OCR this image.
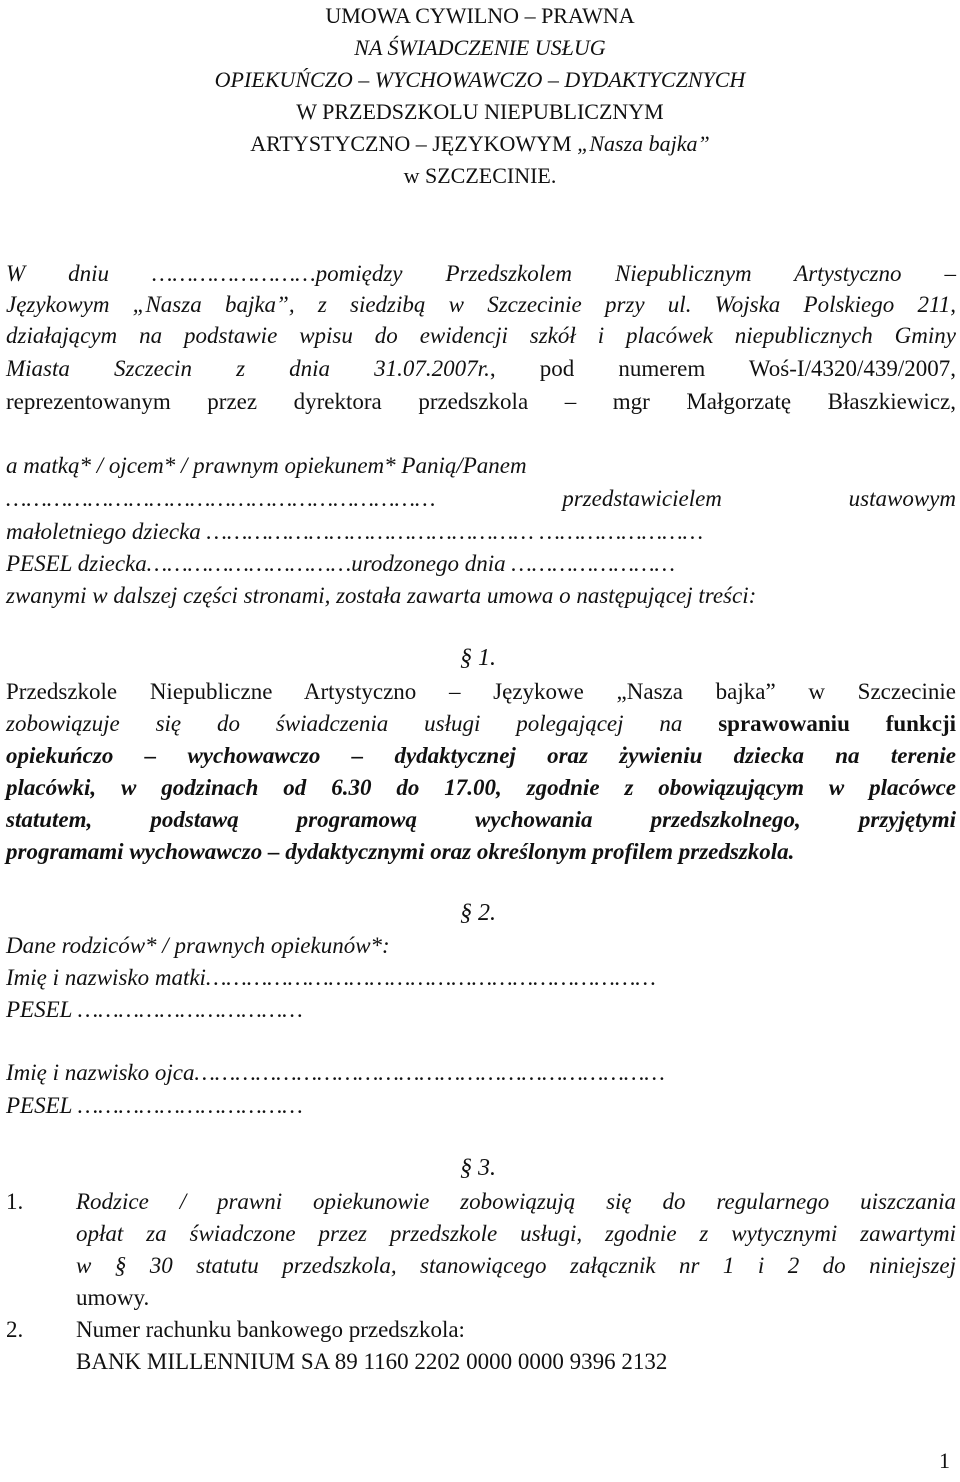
UMOWA CYWILNO – PRAWNA
NA ŚWIADCZENIE USŁUG
OPIEKUŃCZO – WYCHOWAWCZO – DYDAKTYCZNYCH
W PRZEDSZKOLU NIEPUBLICZNYM
ARTYSTYCZNO – JĘZYKOWYM „Nasza bajka”
w SZCZECINIE.
W dniu ……………………pomiędzy Przedszkolem Niepublicznym Artystyczno –
Językowym „Nasza bajka”, z siedzibą w Szczecinie przy ul. Wojska Polskiego 211,
działającym na podstawie wpisu do ewidencji szkół i placówek niepublicznych Gminy
Miasta Szczecin z dnia 31.07.2007r., pod numerem Woś-I/4320/439/2007,
reprezentowanym przez dyrektora przedszkola – mgr Małgorzatę Błaszkiewicz,
a matką* / ojcem* / prawnym opiekunem* Panią/Panem
……………………………………………………… przedstawicielem ustawowym
małoletniego dziecka ………………………………………… ……………………
PESEL dziecka…………………………urodzonego dnia ……………………
zwanymi w dalszej części stronami, została zawarta umowa o następującej treści:
§ 1.
Przedszkole Niepubliczne Artystyczno – Językowe „Nasza bajka” w Szczecinie
zobowiązuje się do świadczenia usługi polegającej na sprawowaniu funkcji
opiekuńczo – wychowawczo – dydaktycznej oraz żywieniu dziecka na terenie
placówki, w godzinach od 6.30 do 17.00, zgodnie z obowiązującym w placówce
statutem, podstawą programową wychowania przedszkolnego, przyjętymi
programami wychowawczo – dydaktycznymi oraz określonym profilem przedszkola.
§ 2.
Dane rodziców* / prawnych opiekunów*:
Imię i nazwisko matki…………………………………………………………
PESEL ……………………………
Imię i nazwisko ojca……………………………………………………………
PESEL ……………………………
§ 3.
1. Rodzice / prawni opiekunowie zobowiązują się do regularnego uiszczania
opłat za świadczone przez przedszkole usługi, zgodnie z wytycznymi zawartymi
w § 30 statutu przedszkola, stanowiącego załącznik nr 1 i 2 do niniejszej
umowy.
2. Numer rachunku bankowego przedszkola:
BANK MILLENNIUM SA 89 1160 2202 0000 0000 9396 2132
1
